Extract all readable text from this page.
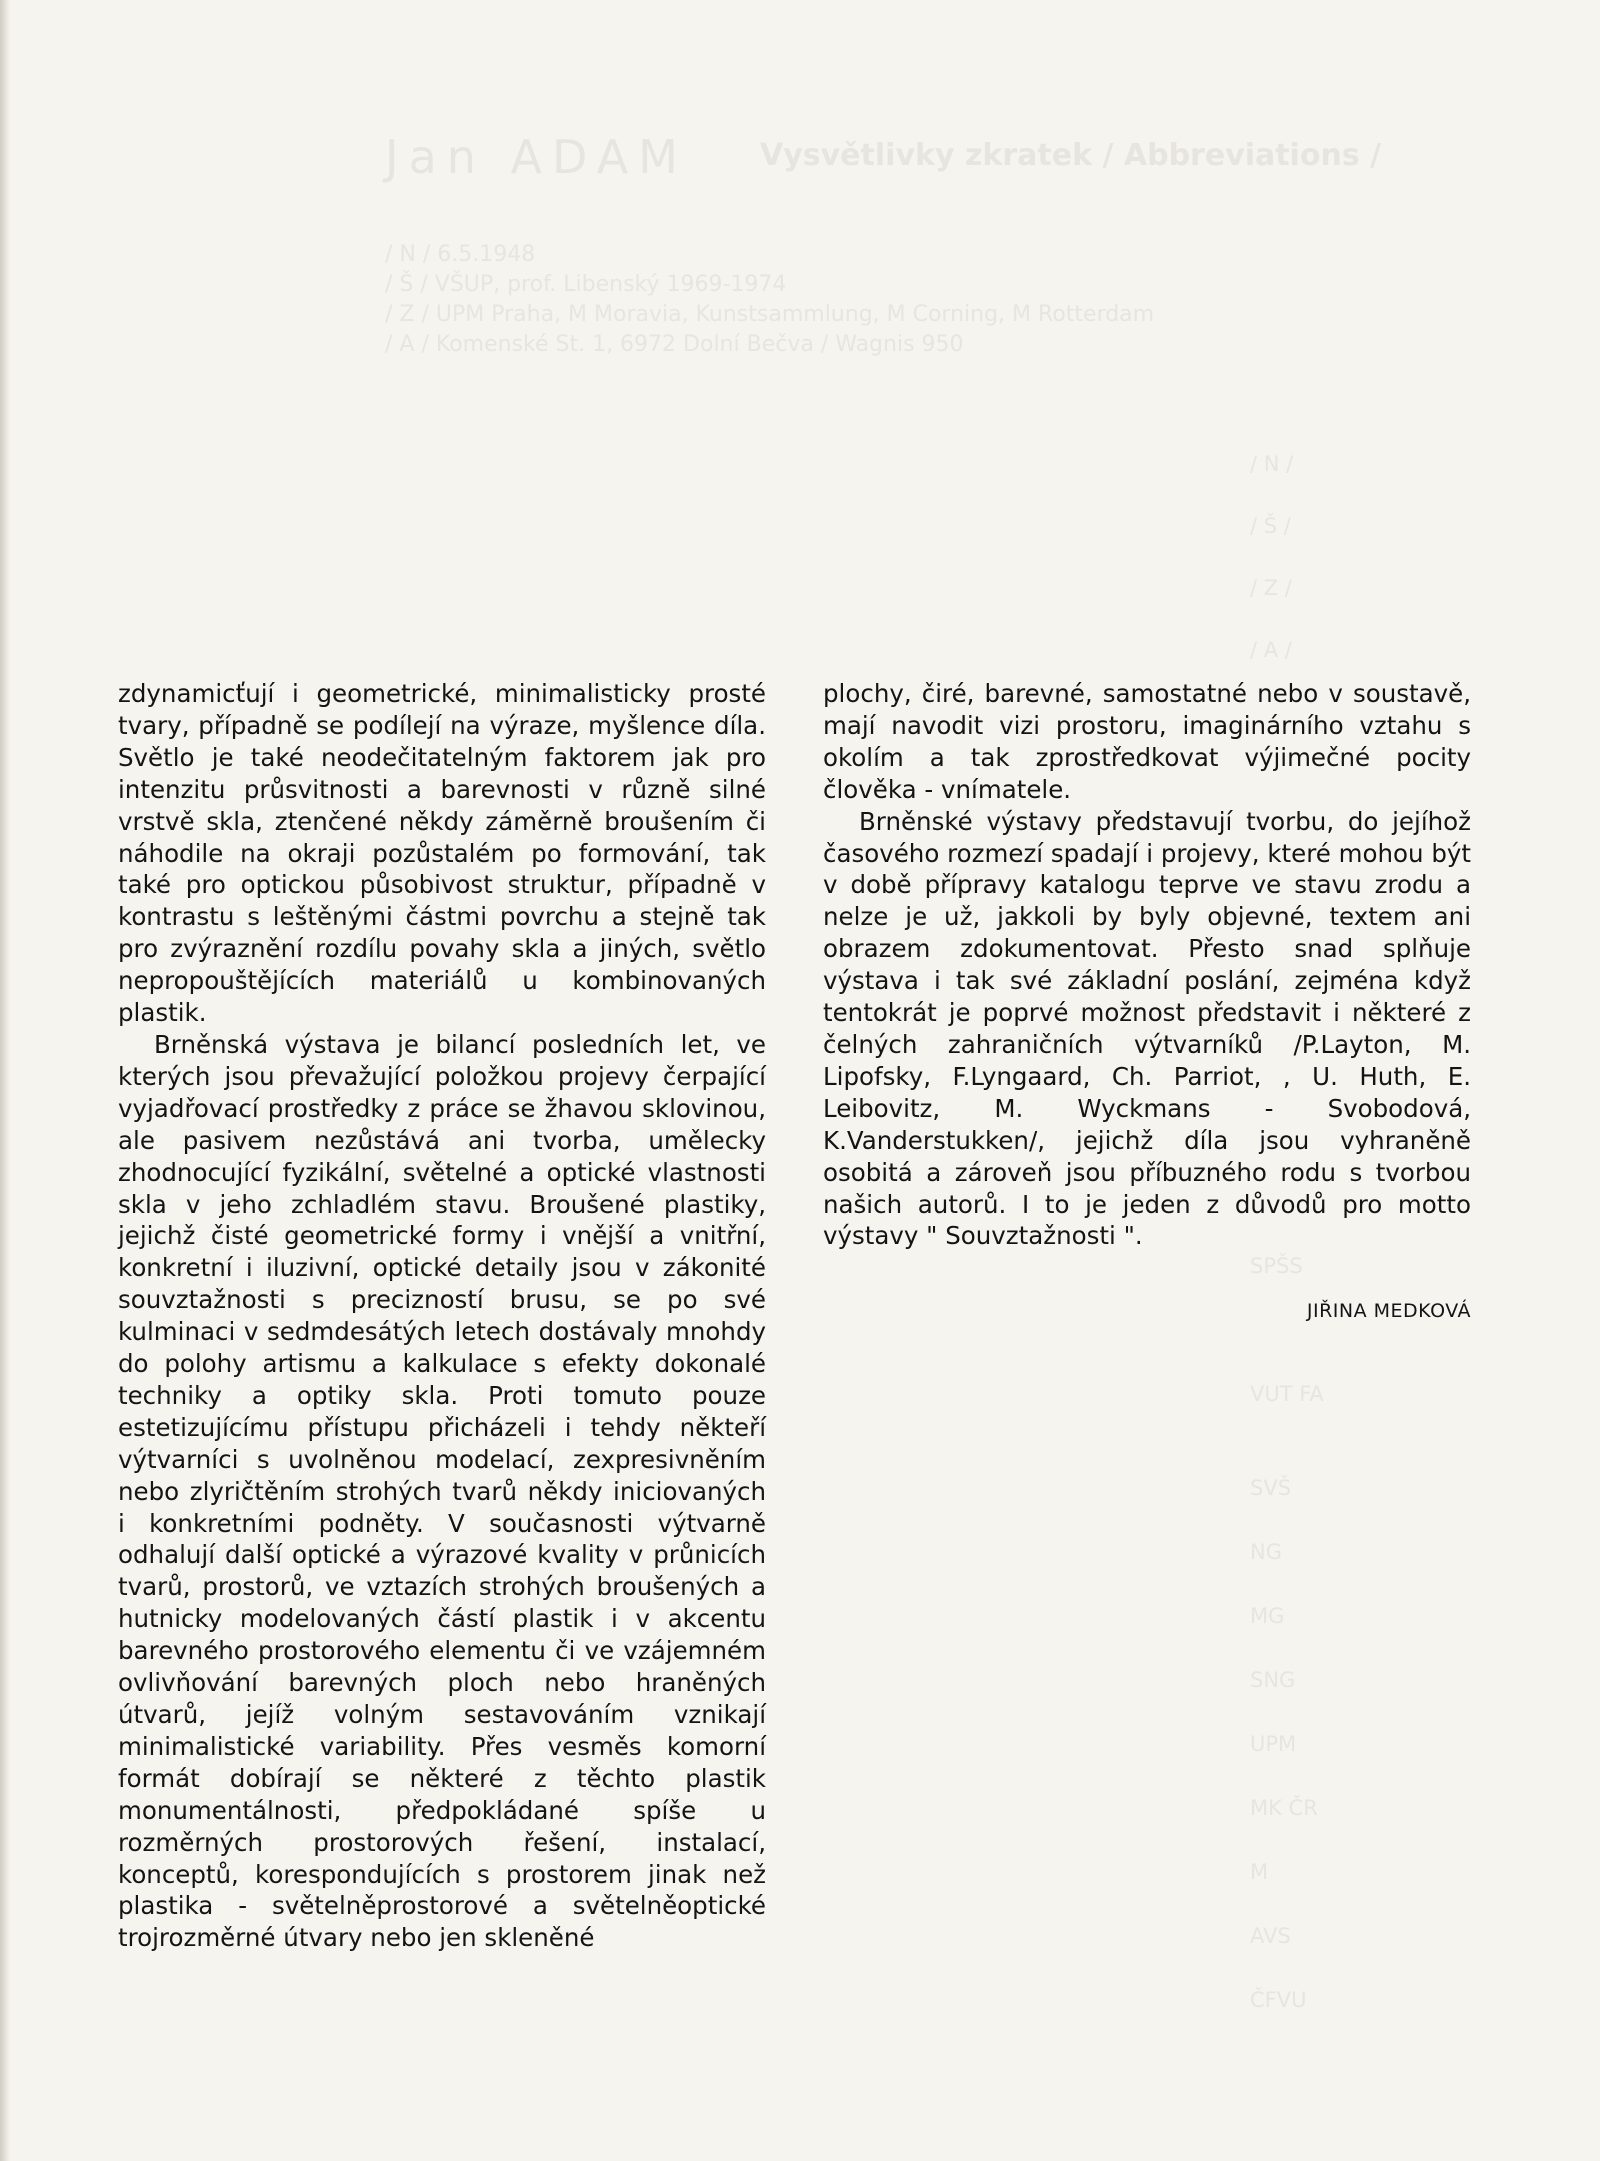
Jan ADAM Vysvětlivky zkratek / Abbreviations /
/ N / 6.5.1948
/ Š / VŠUP, prof. Libenský 1969-1974
/ Z / UPM Praha, M Moravia, Kunstsammlung, M Corning, M Rotterdam
/ A / Komenské St. 1, 6972 Dolní Bečva / Wagnis 950
/ N /
/ Š /
/ Z /
/ A /
SPŠS
VUT FA
SVŠ
NG
MG
SNG
UPM
MK ČR
M
AVS
ČFVU

zdynamicťují i geometrické, minimalisticky prosté tvary, případně se podílejí na výraze, myšlence díla. Světlo je také neodečitatelným faktorem jak pro intenzitu průsvitnosti a barevnosti v různě silné vrstvě skla, ztenčené někdy záměrně broušením či náhodile na okraji pozůstalém po formování, tak také pro optickou působivost struktur, případně v kontrastu s leštěnými částmi povrchu a stejně tak pro zvýraznění rozdílu povahy skla a jiných, světlo nepropouštějících materiálů u kombinovaných plastik.

Brněnská výstava je bilancí posledních let, ve kterých jsou převažující položkou projevy čerpající vyjadřovací prostředky z práce se žhavou sklovinou, ale pasivem nezůstává ani tvorba, umělecky zhodnocující fyzikální, světelné a optické vlastnosti skla v jeho zchladlém stavu. Broušené plastiky, jejichž čisté geometrické formy i vnější a vnitřní, konkretní i iluzivní, optické detaily jsou v zákonité souvztažnosti s precizností brusu, se po své kulminaci v sedmdesátých letech dostávaly mnohdy do polohy artismu a kalkulace s efekty dokonalé techniky a optiky skla. Proti tomuto pouze estetizujícímu přístupu přicházeli i tehdy někteří výtvarníci s uvolněnou modelací, zexpresivněním nebo zlyričtěním strohých tvarů někdy iniciovaných i konkretními podněty. V současnosti výtvarně odhalují další optické a výrazové kvality v průnicích tvarů, prostorů, ve vztazích strohých broušených a hutnicky modelovaných částí plastik i v akcentu barevného prostorového elementu či ve vzájemném ovlivňování barevných ploch nebo hraněných útvarů, jejíž volným sestavováním vznikají minimalistické variability. Přes vesměs komorní formát dobírají se některé z těchto plastik monumentálnosti, předpokládané spíše u rozměrných prostorových řešení, instalací, konceptů, korespondujících s prostorem jinak než plastika - světelněprostorové a světelněoptické trojrozměrné útvary nebo jen skleněné

plochy, čiré, barevné, samostatné nebo v soustavě, mají navodit vizi prostoru, imaginárního vztahu s okolím a tak zprostředkovat výjimečné pocity člověka - vnímatele.

Brněnské výstavy představují tvorbu, do jejíhož časového rozmezí spadají i projevy, které mohou být v době přípravy katalogu teprve ve stavu zrodu a nelze je už, jakkoli by byly objevné, textem ani obrazem zdokumentovat. Přesto snad splňuje výstava i tak své základní poslání, zejména když tentokrát je poprvé možnost představit i některé z čelných zahraničních výtvarníků /P.Layton, M. Lipofsky, F.Lyngaard, Ch. Parriot, , U. Huth, E. Leibovitz, M. Wyckmans - Svobodová, K.Vanderstukken/, jejichž díla jsou vyhraněně osobitá a zároveň jsou příbuzného rodu s tvorbou našich autorů. I to je jeden z důvodů pro motto výstavy " Souvztažnosti ".

JIŘINA MEDKOVÁ
